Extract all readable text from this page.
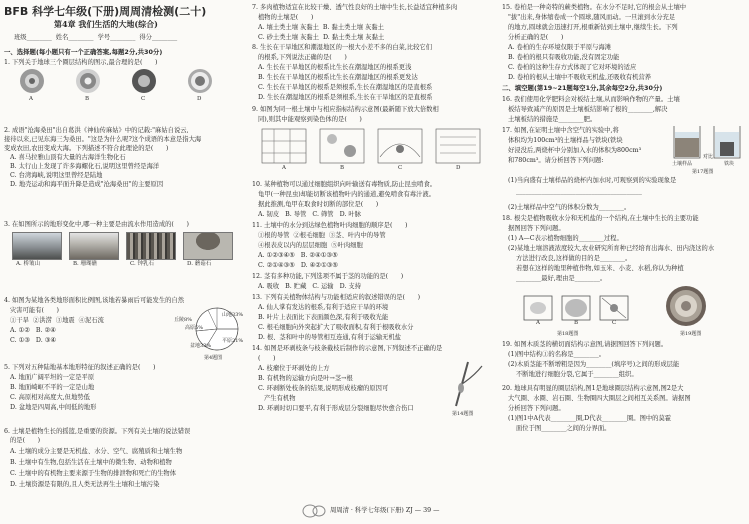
BFB 科学七年级(下册)周周清检测(二十)
第4章 我们生活的大地(综合)
班级________  姓名________  学号________  得分________
一、选择题(每小题只有一个正确答案,每题2分,共30分)
1. 下列关于地球三个圈层结构的图示,最合理的是(　　)
A	B	C	D
2. 成语"沧海桑田"出自葛洪《神仙传麻姑》中的记载:"麻姑自说云,
接待以来,已见东海三为桑田。"这是为什么呢?这个成语的本意是指大海
变成农田,农田变成大海。下列描述不符合此理论的是(　　)
A. 喜马拉雅山顶有大量的古海洋生物化石
B. 太行山上发现了许多海螺化石,说明这里曾经是海洋
C. 台湾海峡,说明这里曾经是陆地
D. 地壳运动和海平面升降是造成"沧海桑田"的主要原因
3. 在如图所示的地形变化中,哪一种主要是由流水作用造成的(　　)
A. 桥皱山	B. 珊瑚礁	C. 钟乳石	D. 蘑菇石
4. 如图为某地各类地形面积比例图,该地若暴雨后可能发生的自然
灾害可能有(　　)
①干旱  ②洪涝  ③地震  ④泥石流
A. ①②   B. ②④
C. ①③   D. ③④
丘陵8%
山地33%
高原5%
盆地33%
平原21%
第4题图
5. 下列对五种陆地基本地形特征的叙述正确的是(　　)
A. 地面广阔平坦的一定是平原
B. 地面崎岖不平的一定是山地
C. 高原相对高度大,但地势低
D. 盆地是四周高,中间低的地形
6. 土壤是植物生长的摇篮,是重要的资源。下列有关土壤的说法错误
的是(　　)
A. 土壤的成分主要是无机盐、水分、空气、腐殖质和土壤生物
B. 土壤中有生物,包括生活在土壤中的微生物、动物和植物
C. 土壤中的有机物主要来源于生物的排泄物和死亡的生物体
D. 土壤资源是有限的,且人类无法再生土壤和土壤污染
7. 多肉植物适宜在比较干燥、透气性良好的土壤中生长,长益适宜种植多肉
植物的土壤是(　　)
A. 壤土类土壤 灰黏土  B. 黏土类土壤 灰黏土
C. 砂土类土壤 灰黏土  D. 黏土类土壤 灰黏土
8. 生长在干旱地区和潮湿地区的一根大小差不多的白菜,比较它们
的根系,下列说法正确的是(　　)
A. 生长在干旱地区的根系比生长在潮湿地区的根系更浅
B. 生长在干旱地区的根系比生长在潮湿地区的根系更发达
C. 生长在干旱地区的根系是须根系,生长在潮湿地区的是直根系
D. 生长在潮湿地区的根系是须根系,生长在干旱地区的是直根系
9. 如图为同一根土壤中与相应指标结构示意图(最新随下放大倍数相
同),则其中能观察到染色体的是(　　)
A	B	C	D
10. 某种植物可以通过细胞组织向叶输送有毒物质,防止昆虫啃食。
龟甲(一种昆虫)却能切断该植物叶内的通道,避免啃食有毒汁液。
据此推测,龟甲在取食时切断的部位是(　　)
A. 韧皮   B. 导管   C. 筛管   D. 叶脉
11. 土壤中的水分到达绿色植物叶肉细胞的顺序是(　　)
①根的导管  ②根毛细胞  ③茎、叶内中的导管
④根表皮以内的层层细胞  ⑤叶肉细胞
A. ①②③④⑤   B. ②④①③⑤
C. ②①④③⑤   D. ④②①③⑤
12. 茎有多种功能,下列选项不属于茎的功能的是(　　)
A. 吸收   B. 贮藏   C. 运输   D. 支持
13. 下列有关植物体结构与功能相适应的叙述错误的是(　　)
A. 仙人掌有发达的根系,有利于适应干旱的环境
B. 叶片上表面比下表面颜色深,有利于吸收光能
C. 根毛细胞向外突起扩大了吸收面积,有利于根吸收水分
D. 根、茎和叶中的导管相互连通,有利于运输无机盐
14. 如图是环剥枝条与枝条截枝后制作的示意图,下列叙述不正确的是
(　　)
A. 枝瘤位于环剥处的上方
B. 有机物的运输方向是叶→茎→根
C. 环剥断处枝条的结果,说明形成枝瘤的原因可
产生有机物
D. 环剥时切口要平,有利于形成层分裂细胞尽快愈合伤口
第14题图
15. 卷柏是一种奇特的蕨类植物。在水分不足时,它的根会从土壤中
"拔"出来,身体缩卷成一个圆球,随风而动。一旦滚到水分充足
的地方,圆球就会迅速打开,根重新钻到土壤中,继续生长。下列
分析正确的是(　　)
A. 卷柏的生存环境仅限于平原与海滩
B. 卷柏的根只有吸收功能,没有固定功能
C. 卷柏的这种生存方式体现了它对环境的适应
D. 卷柏的根从土壤中不吸收无机盐,还吸收有机营养
二、填空题(第19~21题每空1分,其余每空2分,共30分)
16. 我们使用化学肥料会对板结土壤,从而影响作物的产量。土壤
板结导致减产的原因是土壤板结影响了根的________,解决
土壤板结的措施是________肥。
17. 如图,在证明土壤中含空气的实验中,将
体积均为100cm³的土壤样品与铁块(铁块
好浸没后,两烧杯中分别加入水的体积为800cm³
和780cm³。请分析回答下列问题:	土壤样品
对比
铁块
第17题图
(1)当向盛有土壤样品的烧杯内加水时,可观察到的实验现象是
________________________________________
(2)土壤样品中空气的体积分数为________。
18. 根尖是植物吸收水分和无机盐的一个结构,在土壤中生长的主要功能
据图回答下列问题。
(1) A—C表示植物细胞的________过程。
(2)某地土壤溶液浓度较大,农业研究所育种已经培育出海水、田内浇这的水
方法进行改良,这样做的目的是________。
若想在这样的地里种植作物,如玉米、小麦、水稻,你认为种植
________最好,理由是________。
A	B	C
第18题图	第19题图
19. 如图木质茎的横切面结构示意图,请据图回答下列问题。
(1)图中结构①的名称是________。
(2)木质茎能不断增粗是因为________(填序号)之间的形成层能
不断地进行细胞分裂,它属于________组织。
20. 地球具有明显的圈层结构,图1是地球圈层结构示意图,图2是大
大气圈、水圈、岩石圈、生物圈四大圈层之间相互关系图。请据图
分析回答下列问题。
(1)图1中A代表________圈,D代表________圈。图中的莫霍
面位于图________之间的分界面。
周周清 · 科学七年级(下册) ZJ — 39 —
